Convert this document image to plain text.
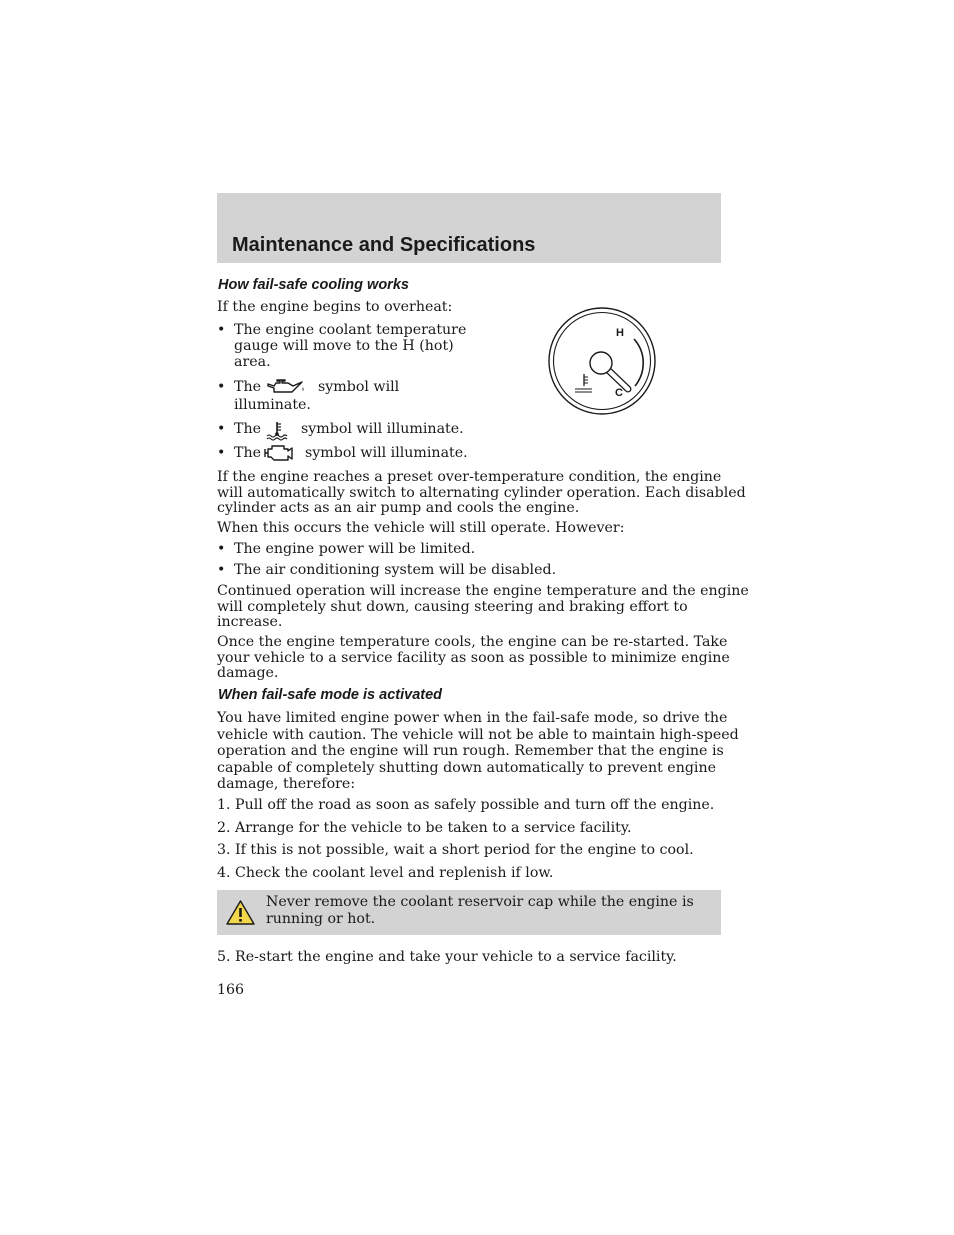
Maintenance and Specifications
How fail-safe cooling works
If the engine begins to overheat:
• The engine coolant temperature
gauge will move to the H (hot)
area.
• The	symbol will
illuminate.
• The	symbol will illuminate.
• The	symbol will illuminate.
H
C
If the engine reaches a preset over-temperature condition, the engine
will automatically switch to alternating cylinder operation. Each disabled
cylinder acts as an air pump and cools the engine.
When this occurs the vehicle will still operate. However:
• The engine power will be limited.
• The air conditioning system will be disabled.
Continued operation will increase the engine temperature and the engine
will completely shut down, causing steering and braking effort to
increase.
Once the engine temperature cools, the engine can be re-started. Take
your vehicle to a service facility as soon as possible to minimize engine
damage.
When fail-safe mode is activated
You have limited engine power when in the fail-safe mode, so drive the
vehicle with caution. The vehicle will not be able to maintain high-speed
operation and the engine will run rough. Remember that the engine is
capable of completely shutting down automatically to prevent engine
damage, therefore:
1. Pull off the road as soon as safely possible and turn off the engine.
2. Arrange for the vehicle to be taken to a service facility.
3. If this is not possible, wait a short period for the engine to cool.
4. Check the coolant level and replenish if low.
Never remove the coolant reservoir cap while the engine is
running or hot.
5. Re-start the engine and take your vehicle to a service facility.
166
